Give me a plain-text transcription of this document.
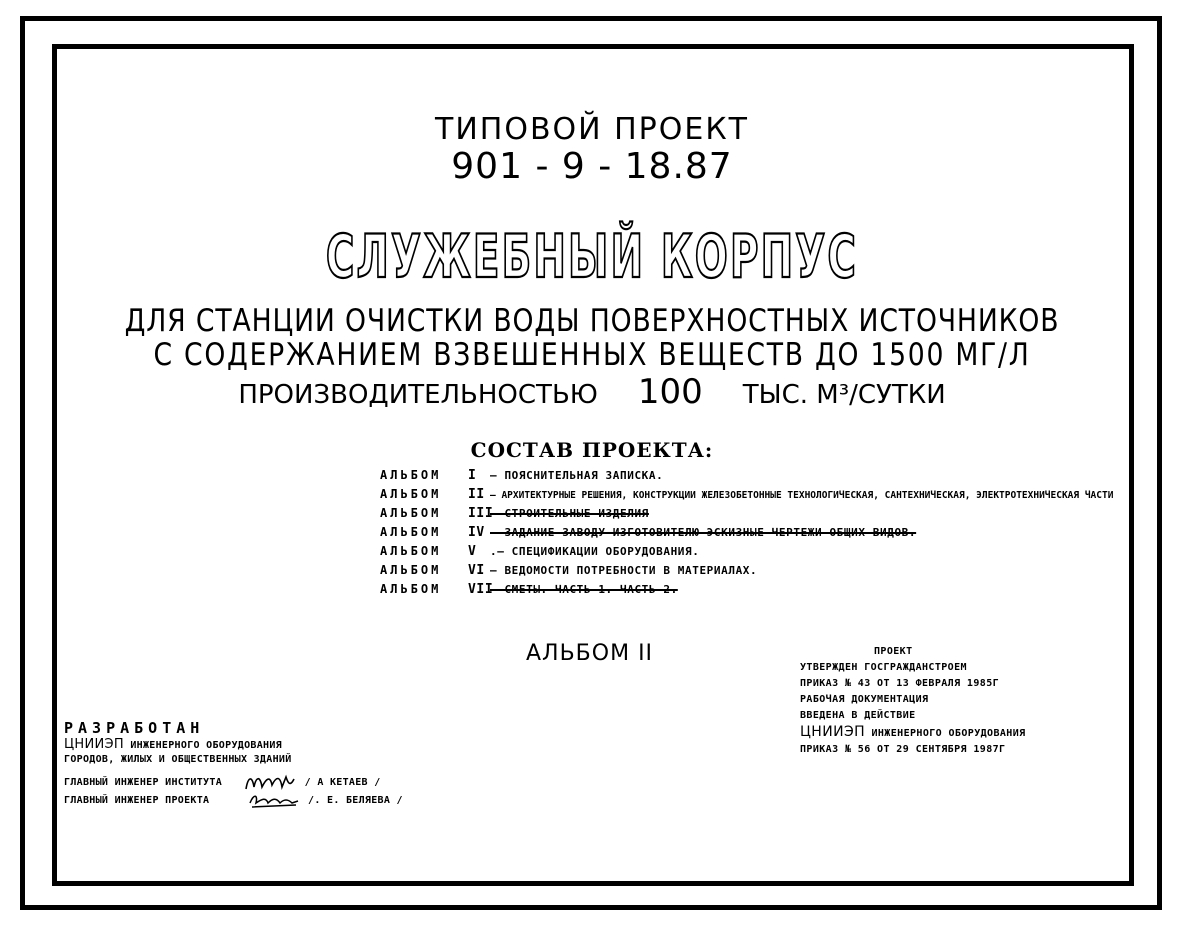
ТИПОВОЙ ПРОЕКТ
901 - 9 - 18.87
СЛУЖЕБНЫЙ КОРПУС
ДЛЯ СТАНЦИИ ОЧИСТКИ ВОДЫ ПОВЕРХНОСТНЫХ ИСТОЧНИКОВ
С СОДЕРЖАНИЕМ ВЗВЕШЕННЫХ ВЕЩЕСТВ ДО 1500 МГ/Л
ПРОИЗВОДИТЕЛЬНОСТЬЮ 100 ТЫС. М³/СУТКИ
СОСТАВ ПРОЕКТА:
АЛЬБОМ I — ПОЯСНИТЕЛЬНАЯ ЗАПИСКА.
АЛЬБОМ II — АРХИТЕКТУРНЫЕ РЕШЕНИЯ, КОНСТРУКЦИИ ЖЕЛЕЗОБЕТОННЫЕ ТЕХНОЛОГИЧЕСКАЯ, САНТЕХНИЧЕСКАЯ, ЭЛЕКТРОТЕХНИЧЕСКАЯ ЧАСТИ
АЛЬБОМ III— СТРОИТЕЛЬНЫЕ ИЗДЕЛИЯ
АЛЬБОМ IV — ЗАДАНИЕ ЗАВОДУ-ИЗГОТОВИТЕЛЮ ЭСКИЗНЫЕ ЧЕРТЕЖИ ОБЩИХ ВИДОВ.
АЛЬБОМ V .— СПЕЦИФИКАЦИИ ОБОРУДОВАНИЯ.
АЛЬБОМ VI — ВЕДОМОСТИ ПОТРЕБНОСТИ В МАТЕРИАЛАХ.
АЛЬБОМ VII— СМЕТЫ. ЧАСТЬ 1. ЧАСТЬ 2.
АЛЬБОМ II	ПРОЕКТ
УТВЕРЖДЕН ГОСГРАЖДАНСТРОЕМ
ПРИКАЗ № 43 ОТ 13 ФЕВРАЛЯ 1985Г
РАБОЧАЯ ДОКУМЕНТАЦИЯ
ВВЕДЕНА В ДЕЙСТВИЕ
ЦНИИЭП ИНЖЕНЕРНОГО ОБОРУДОВАНИЯ
ПРИКАЗ № 56 ОТ 29 СЕНТЯБРЯ 1987Г
РАЗРАБОТАН
ЦНИИЭП ИНЖЕНЕРНОГО ОБОРУДОВАНИЯ
ГОРОДОВ, ЖИЛЫХ И ОБЩЕСТВЕННЫХ ЗДАНИЙ
ГЛАВНЫЙ ИНЖЕНЕР ИНСТИТУТА	/ А КЕТАЕВ /
ГЛАВНЫЙ ИНЖЕНЕР ПРОЕКТА	/. Е. БЕЛЯЕВА /
